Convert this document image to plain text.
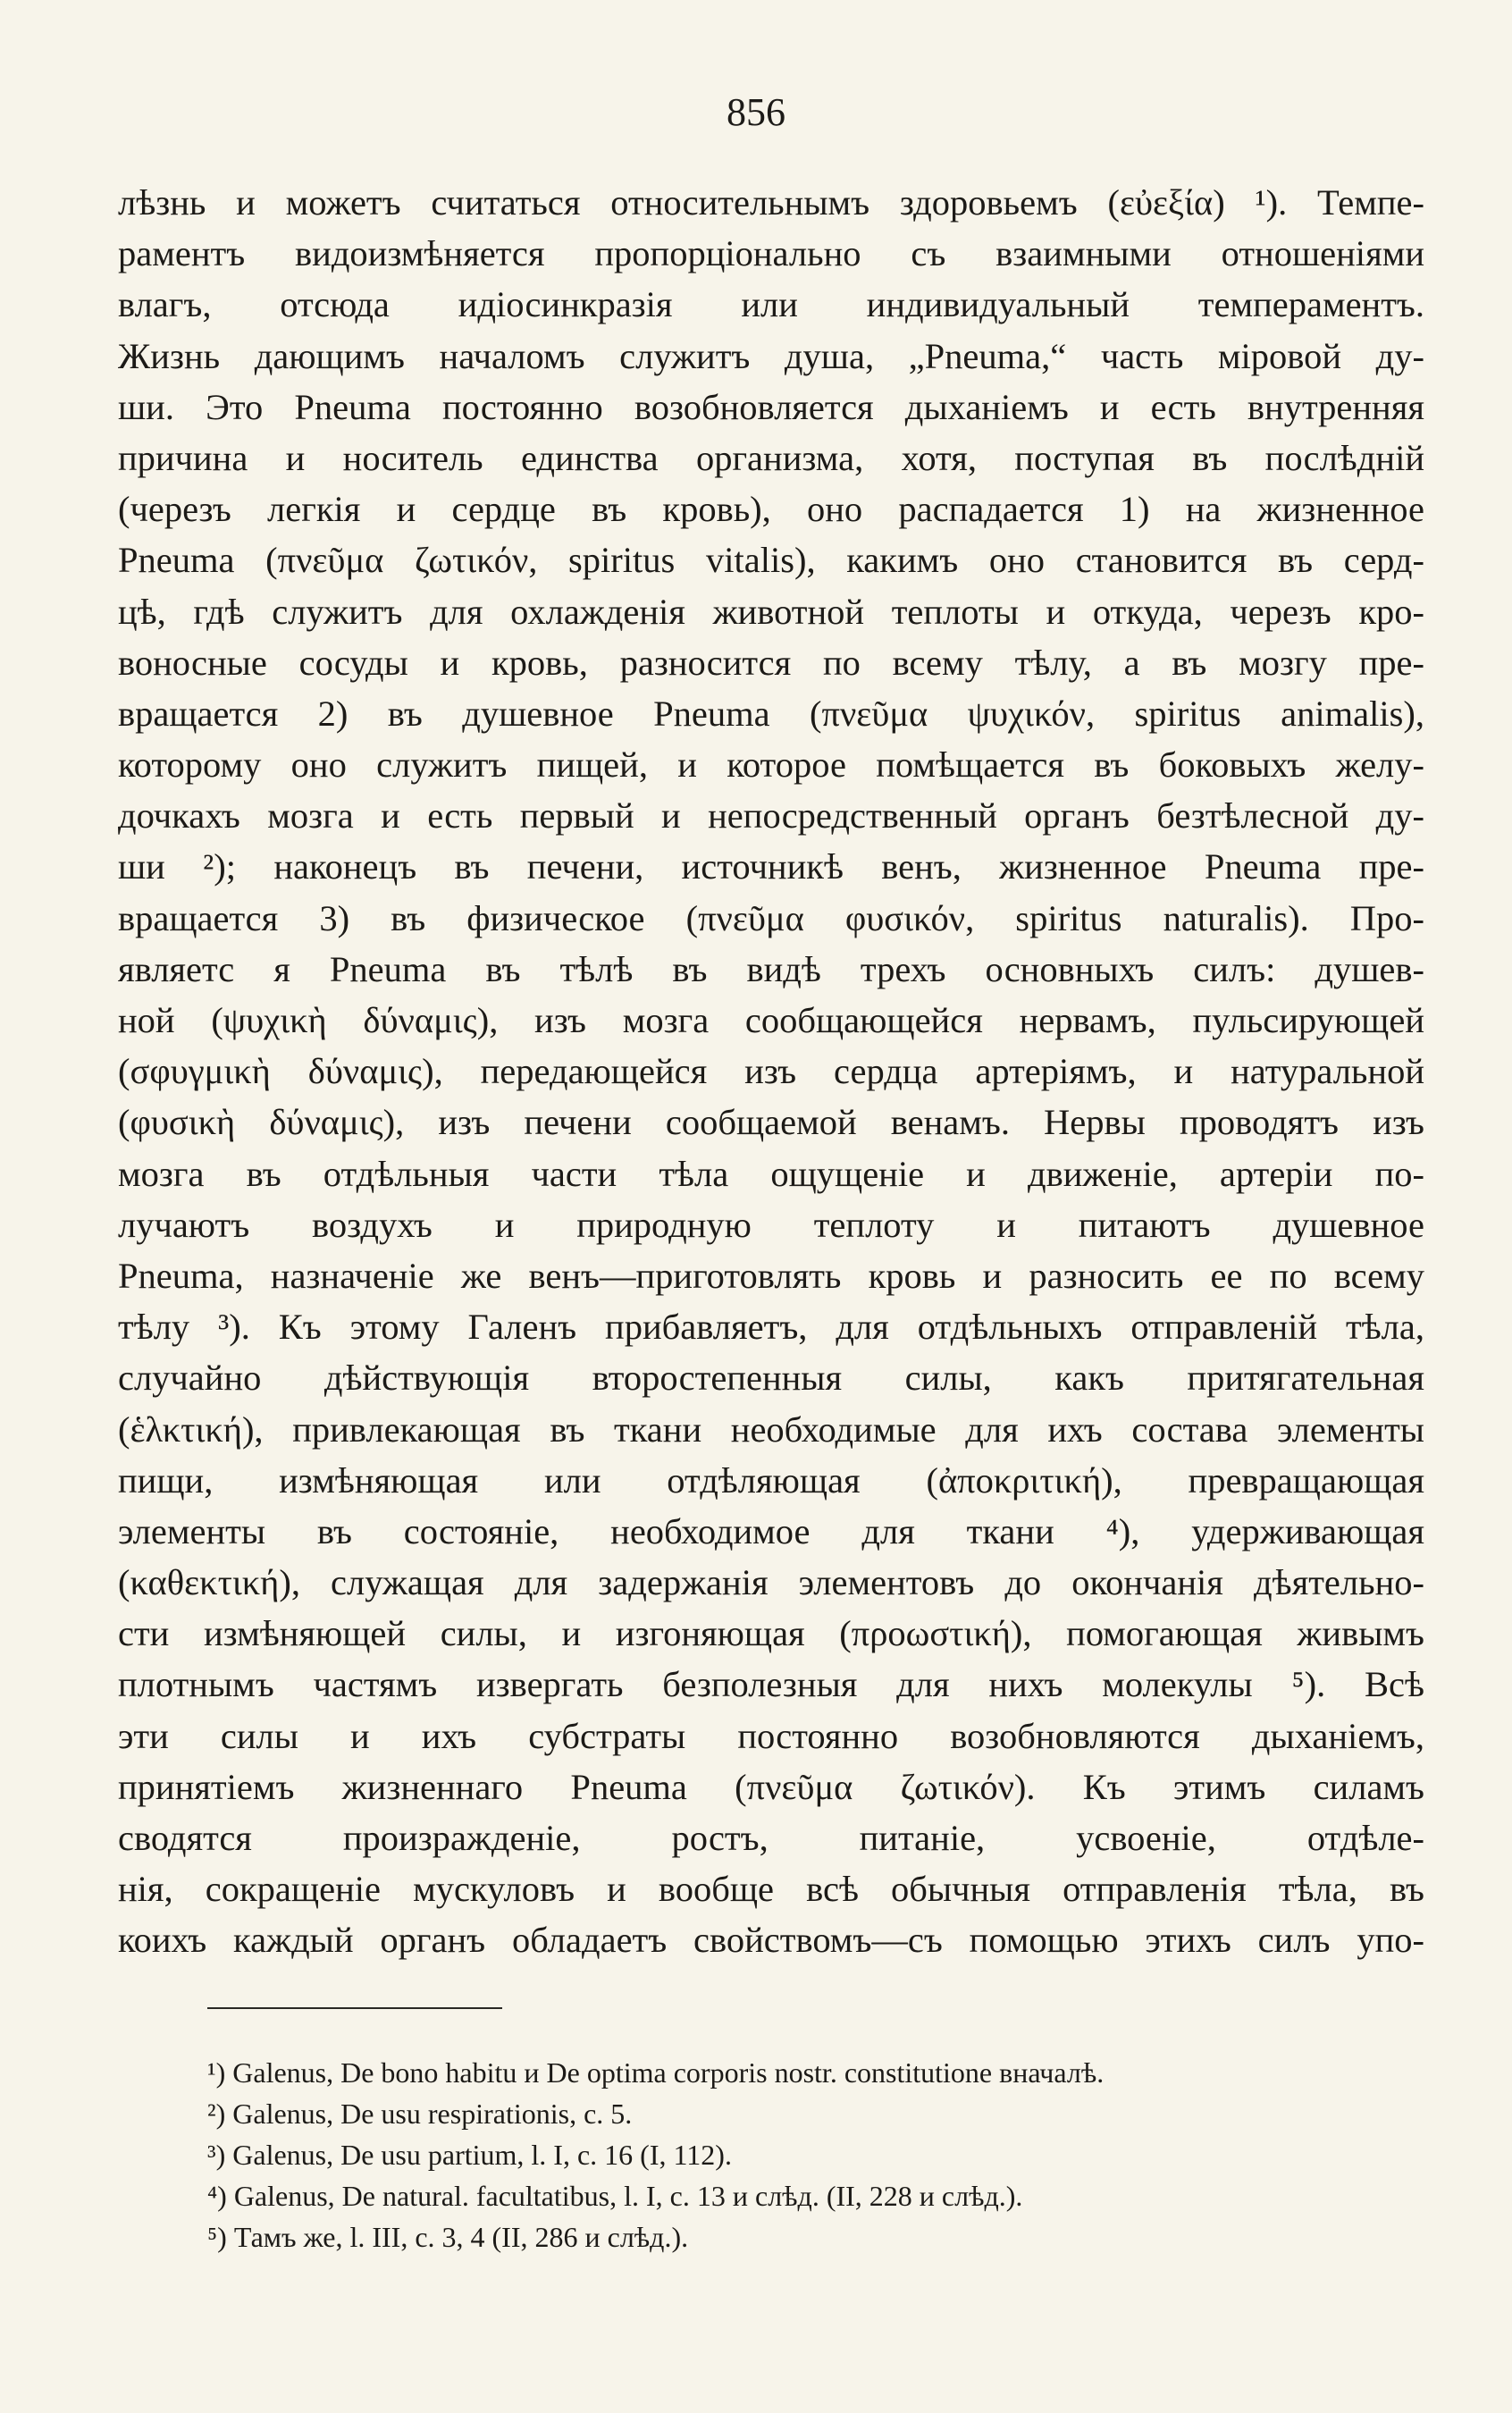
856
лѣзнь и можетъ считаться относительнымъ здоровьемъ (εὐεξία) ¹). Темпе-
раментъ видоизмѣняется пропорціонально съ взаимными отношеніями
влагъ, отсюда идіосинкразія или индивидуальный темпераментъ.
Жизнь дающимъ началомъ служитъ душа, „Pneuma,“ часть міровой ду-
ши. Это Pneuma постоянно возобновляется дыханіемъ и есть внутренняя
причина и носитель единства организма, хотя, поступая въ послѣдній
(черезъ легкія и сердце въ кровь), оно распадается 1) на жизненное
Pneuma (πνεῦμα ζωτικόν, spiritus vitalis), какимъ оно становится въ серд-
цѣ, гдѣ служитъ для охлажденія животной теплоты и откуда, черезъ кро-
воносные сосуды и кровь, разносится по всему тѣлу, а въ мозгу пре-
вращается 2) въ душевное Pneuma (πνεῦμα ψυχικόν, spiritus animalis),
которому оно служитъ пищей, и которое помѣщается въ боковыхъ желу-
дочкахъ мозга и есть первый и непосредственный органъ безтѣлесной ду-
ши ²); наконецъ въ печени, источникѣ венъ, жизненное Pneuma пре-
вращается 3) въ физическое (πνεῦμα φυσικόν, spiritus naturalis). Про-
являетс я Pneuma въ тѣлѣ въ видѣ трехъ основныхъ силъ: душев-
ной (ψυχικὴ δύναμις), изъ мозга сообщающейся нервамъ, пульсирующей
(σφυγμικὴ δύναμις), передающейся изъ сердца артеріямъ, и натуральной
(φυσικὴ δύναμις), изъ печени сообщаемой венамъ. Нервы проводятъ изъ
мозга въ отдѣльныя части тѣла ощущеніе и движеніе, артеріи по-
лучаютъ воздухъ и природную теплоту и питаютъ душевное
Pneuma, назначеніе же венъ—приготовлять кровь и разносить ее по всему
тѣлу ³). Къ этому Галенъ прибавляетъ, для отдѣльныхъ отправленій тѣла,
случайно дѣйствующія второстепенныя силы, какъ притягательная
(ἑλκτική), привлекающая въ ткани необходимые для ихъ состава элементы
пищи, измѣняющая или отдѣляющая (ἀποκριτική), превращающая
элементы въ состояніе, необходимое для ткани ⁴), удерживающая
(καθεκτική), служащая для задержанія элементовъ до окончанія дѣятельно-
сти измѣняющей силы, и изгоняющая (προωστική), помогающая живымъ
плотнымъ частямъ извергать безполезныя для нихъ молекулы ⁵). Всѣ
эти силы и ихъ субстраты постоянно возобновляются дыханіемъ,
принятіемъ жизненнаго Pneuma (πνεῦμα ζωτικόν). Къ этимъ силамъ
сводятся произражденіе, ростъ, питаніе, усвоеніе, отдѣле-
нія, сокращеніе мускуловъ и вообще всѣ обычныя отправленія тѣла, въ
коихъ каждый органъ обладаетъ свойствомъ—съ помощью этихъ силъ упо-
¹) Galenus, De bono habitu и De optima corporis nostr. constitutione вначалѣ.
²) Galenus, De usu respirationis, c. 5.
³) Galenus, De usu partium, l. I, c. 16 (I, 112).
⁴) Galenus, De natural. facultatibus, l. I, c. 13 и слѣд. (II, 228 и слѣд.).
⁵) Тамъ же, l. III, c. 3, 4 (II, 286 и слѣд.).
